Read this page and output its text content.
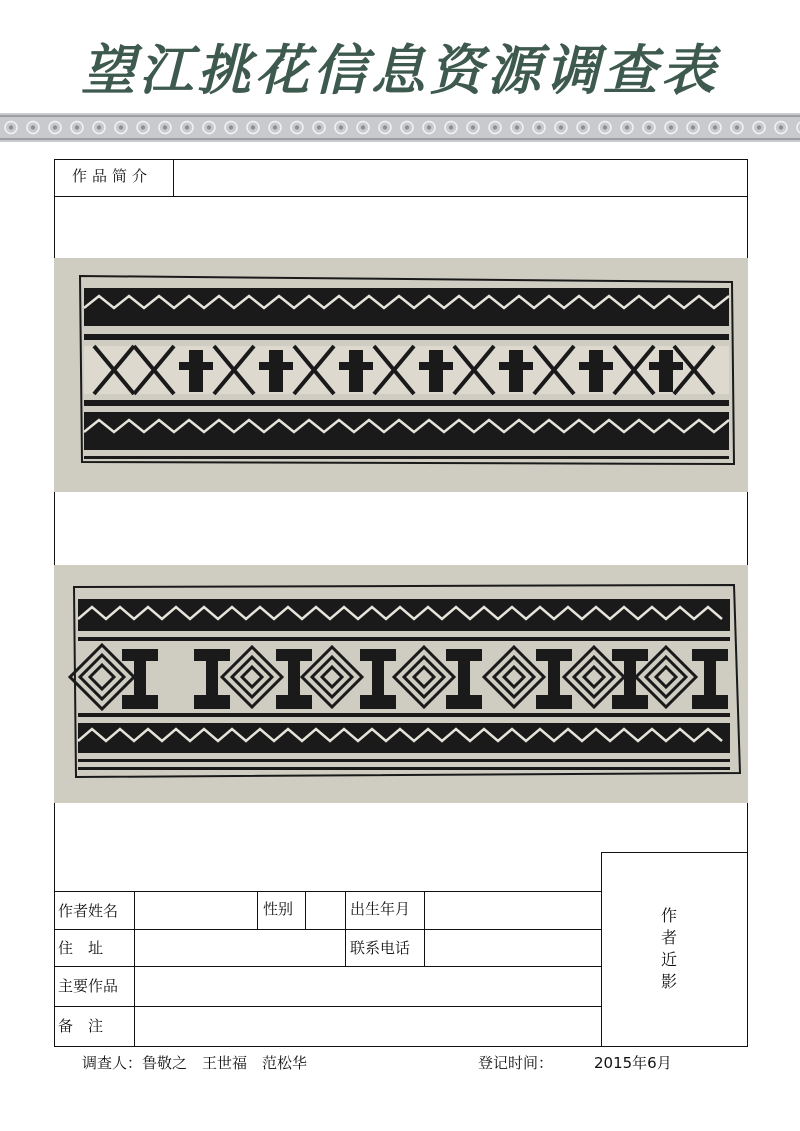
望江挑花信息资源调查表
作品简介
作者姓名	性别	出生年月
住　址	联系电话
主要作品
备　注
作者近影
调查人：鲁敬之　王世福　范松华	登记时间：	2015年6月
